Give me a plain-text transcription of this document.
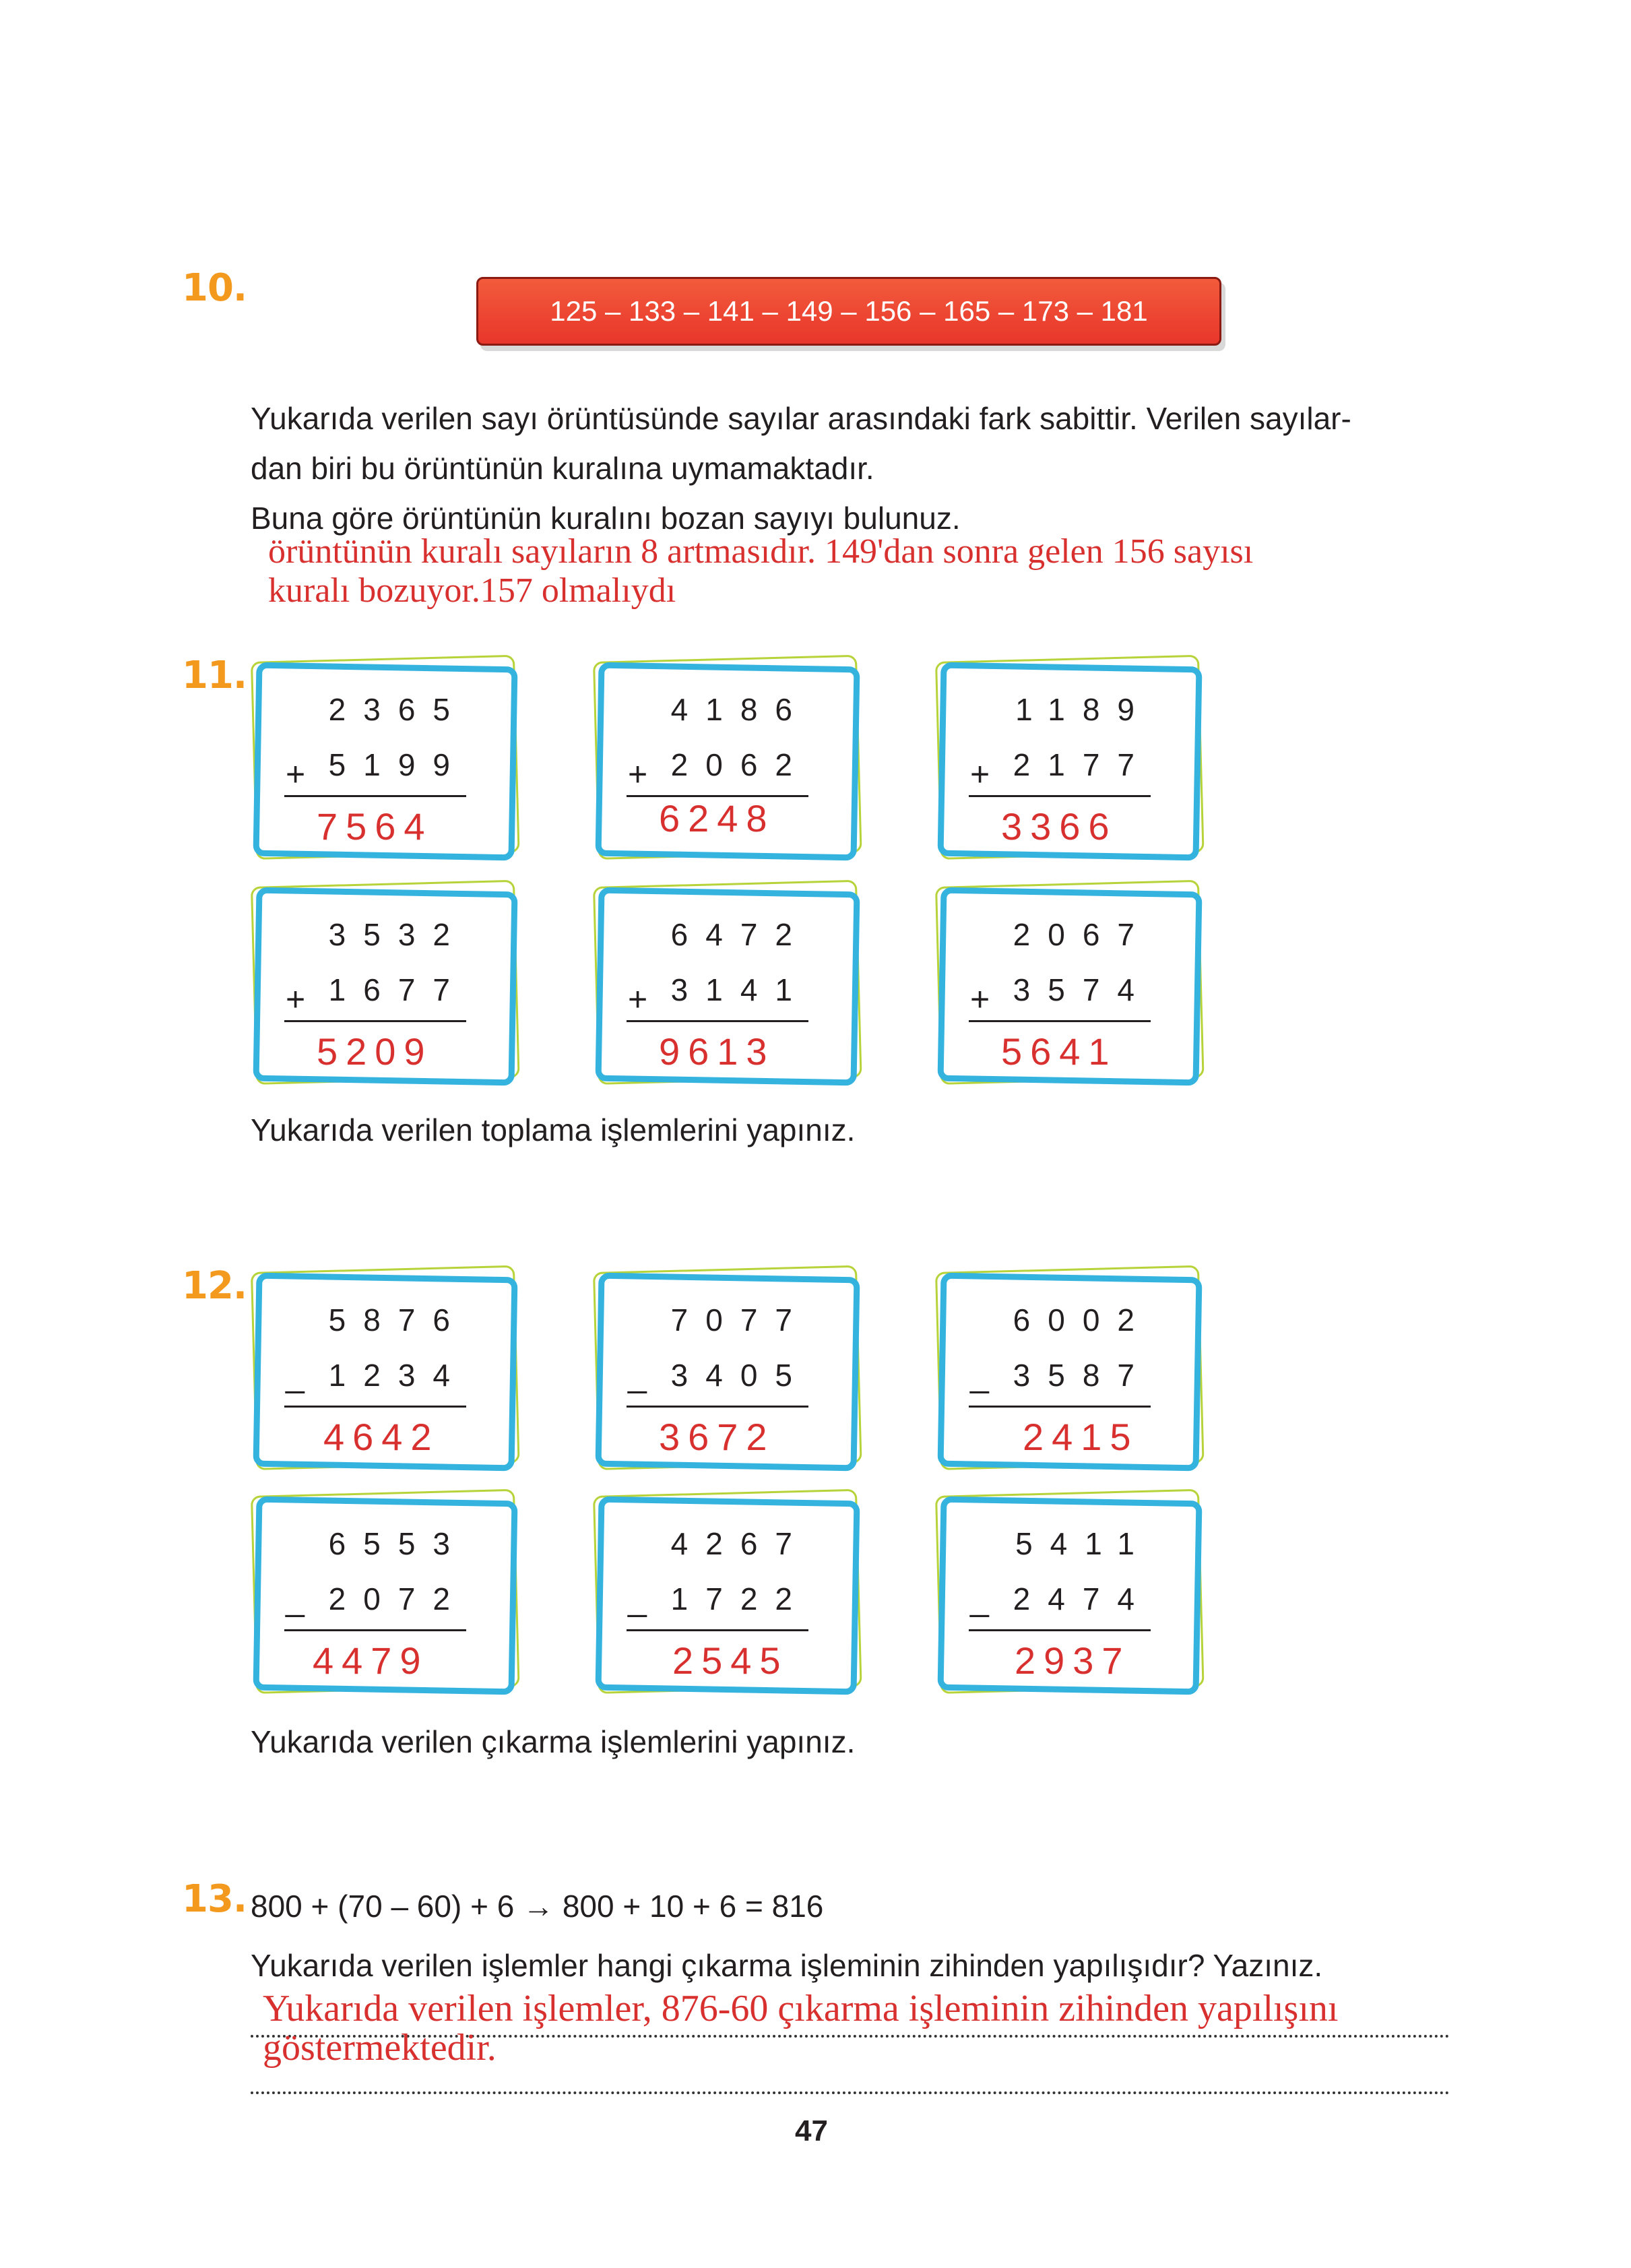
10.
125 – 133 – 141 – 149 – 156 – 165 – 173 – 181
Yukarıda verilen sayı örüntüsünde sayılar arasındaki fark sabittir. Verilen sayılar-
dan biri bu örüntünün kuralına uymamaktadır.
Buna göre örüntünün kuralını bozan sayıyı bulunuz.
örüntünün kuralı sayıların 8 artmasıdır. 149'dan sonra gelen 156 sayısı
kuralı bozuyor.157 olmalıydı
11.
2365
+ 5199
7564
4186
+ 2062
6248
1189
+ 2177
3366
3532
+ 1677
5209
6472
+ 3141
9613
2067
+ 3574
5641
Yukarıda verilen toplama işlemlerini yapınız.
12.
5876
_ 1234
4642
7077
_ 3405
3672
6002
_ 3587
2415
6553
_ 2072
4479
4267
_ 1722
2545
5411
_ 2474
2937
Yukarıda verilen çıkarma işlemlerini yapınız.
13. 800 + (70 – 60) + 6 → 800 + 10 + 6 = 816
Yukarıda verilen işlemler hangi çıkarma işleminin zihinden yapılışıdır? Yazınız.
Yukarıda verilen işlemler, 876-60 çıkarma işleminin zihinden yapılışını
göstermektedir.
47
